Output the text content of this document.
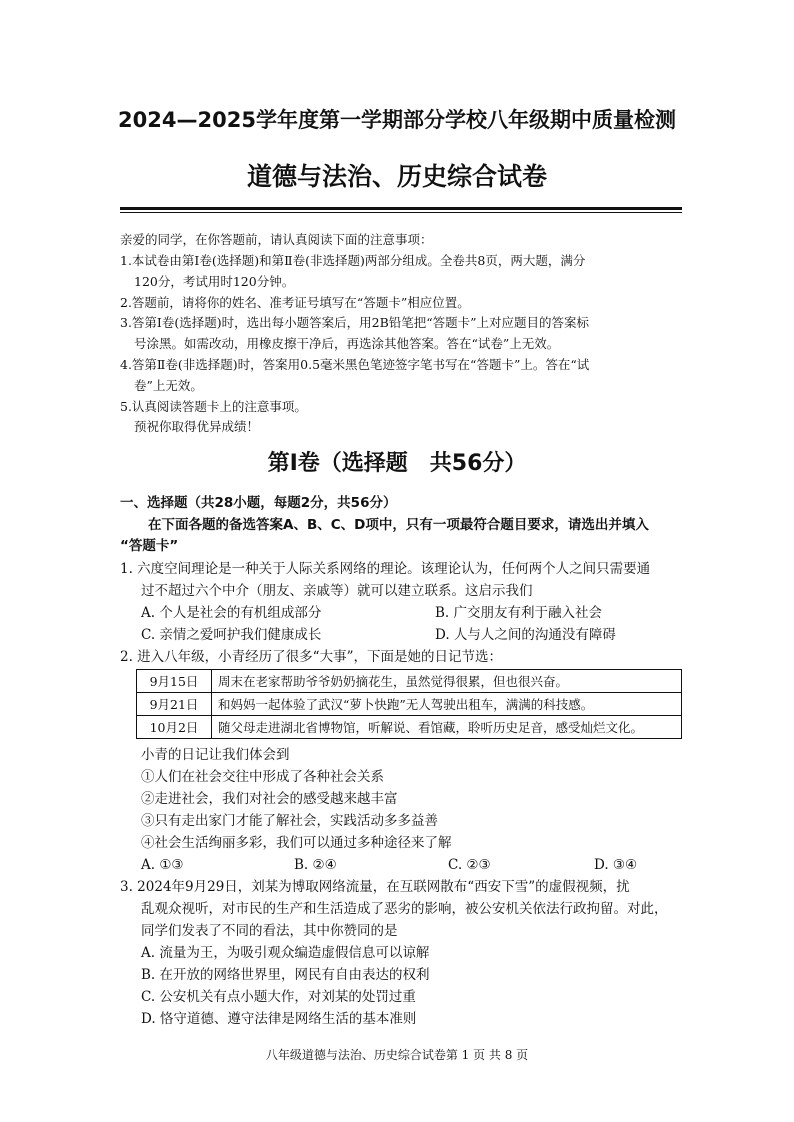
2024—2025学年度第一学期部分学校八年级期中质量检测
道德与法治、历史综合试卷
亲爱的同学，在你答题前，请认真阅读下面的注意事项：
1.本试卷由第Ⅰ卷(选择题)和第Ⅱ卷(非选择题)两部分组成。全卷共8页，两大题，满分
120分，考试用时120分钟。
2.答题前，请将你的姓名、准考证号填写在“答题卡”相应位置。
3.答第Ⅰ卷(选择题)时，选出每小题答案后，用2B铅笔把“答题卡”上对应题目的答案标
号涂黑。如需改动，用橡皮擦干净后，再选涂其他答案。答在“试卷”上无效。
4.答第Ⅱ卷(非选择题)时，答案用0.5毫米黑色笔迹签字笔书写在“答题卡”上。答在“试
卷”上无效。
5.认真阅读答题卡上的注意事项。
预祝你取得优异成绩！
第Ⅰ卷（选择题　共56分）
一、选择题（共28小题，每题2分，共56分）
在下面各题的备选答案A、B、C、D项中，只有一项最符合题目要求，请选出并填入
“答题卡”
1. 六度空间理论是一种关于人际关系网络的理论。该理论认为，任何两个人之间只需要通
过不超过六个中介（朋友、亲戚等）就可以建立联系。这启示我们
A. 个人是社会的有机组成部分	B. 广交朋友有利于融入社会
C. 亲情之爱呵护我们健康成长	D. 人与人之间的沟通没有障碍
2. 进入八年级，小青经历了很多“大事”，下面是她的日记节选：
9月15日	周末在老家帮助爷爷奶奶摘花生，虽然觉得很累，但也很兴奋。
9月21日	和妈妈一起体验了武汉“萝卜快跑”无人驾驶出租车，满满的科技感。
10月2日	随父母走进湖北省博物馆，听解说、看馆藏，聆听历史足音，感受灿烂文化。
小青的日记让我们体会到
①人们在社会交往中形成了各种社会关系
②走进社会，我们对社会的感受越来越丰富
③只有走出家门才能了解社会，实践活动多多益善
④社会生活绚丽多彩，我们可以通过多种途径来了解
A. ①③	B. ②④	C. ②③	D. ③④
3. 2024年9月29日，刘某为博取网络流量，在互联网散布“西安下雪”的虚假视频，扰
乱观众视听，对市民的生产和生活造成了恶劣的影响，被公安机关依法行政拘留。对此，
同学们发表了不同的看法，其中你赞同的是
A. 流量为王，为吸引观众编造虚假信息可以谅解
B. 在开放的网络世界里，网民有自由表达的权利
C. 公安机关有点小题大作，对刘某的处罚过重
D. 恪守道德、遵守法律是网络生活的基本准则
八年级道德与法治、历史综合试卷第 1 页 共 8 页
